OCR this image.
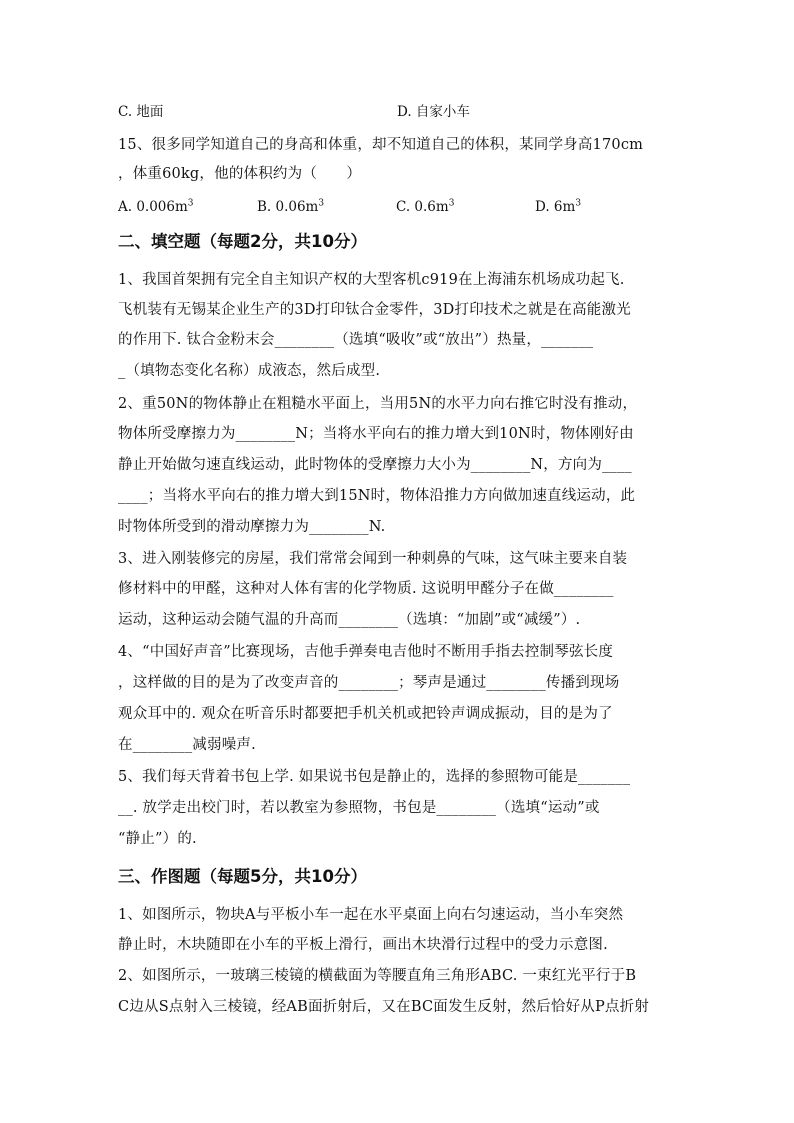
C. 地面	D. 自家小车
15、很多同学知道自己的身高和体重，却不知道自己的体积，某同学身高170cm
，体重60kg，他的体积约为（　　）
A. $0.006m^3$	B. $0.06m^3$	C. $0.6m^3$	D. $6m^3$
二、填空题（每题2分，共10分）
1、我国首架拥有完全自主知识产权的大型客机c919在上海浦东机场成功起飞.
飞机装有无锡某企业生产的3D打印钛合金零件，3D打印技术之就是在高能激光
的作用下. 钛合金粉末会________（选填“吸收”或“放出”）热量，_______
_（填物态变化名称）成液态，然后成型.
2、重50N的物体静止在粗糙水平面上，当用5N的水平力向右推它时没有推动，
物体所受摩擦力为________N；当将水平向右的推力增大到10N时，物体刚好由
静止开始做匀速直线运动，此时物体的受摩擦力大小为________N，方向为____
____；当将水平向右的推力增大到15N时，物体沿推力方向做加速直线运动，此
时物体所受到的滑动摩擦力为________N.
3、进入刚装修完的房屋，我们常常会闻到一种刺鼻的气味，这气味主要来自装
修材料中的甲醛，这种对人体有害的化学物质. 这说明甲醛分子在做________
运动，这种运动会随气温的升高而________（选填：“加剧”或“减缓”）.
4、“中国好声音”比赛现场，吉他手弹奏电吉他时不断用手指去控制琴弦长度
，这样做的目的是为了改变声音的________；琴声是通过________传播到现场
观众耳中的. 观众在听音乐时都要把手机关机或把铃声调成振动，目的是为了
在________减弱噪声.
5、我们每天背着书包上学. 如果说书包是静止的，选择的参照物可能是_______
__. 放学走出校门时，若以教室为参照物，书包是________（选填“运动”或
“静止”）的.
三、作图题（每题5分，共10分）
1、如图所示，物块A与平板小车一起在水平桌面上向右匀速运动，当小车突然
静止时，木块随即在小车的平板上滑行，画出木块滑行过程中的受力示意图.
2、如图所示，一玻璃三棱镜的横截面为等腰直角三角形ABC. 一束红光平行于B
C边从S点射入三棱镜，经AB面折射后，又在BC面发生反射，然后恰好从P点折射
